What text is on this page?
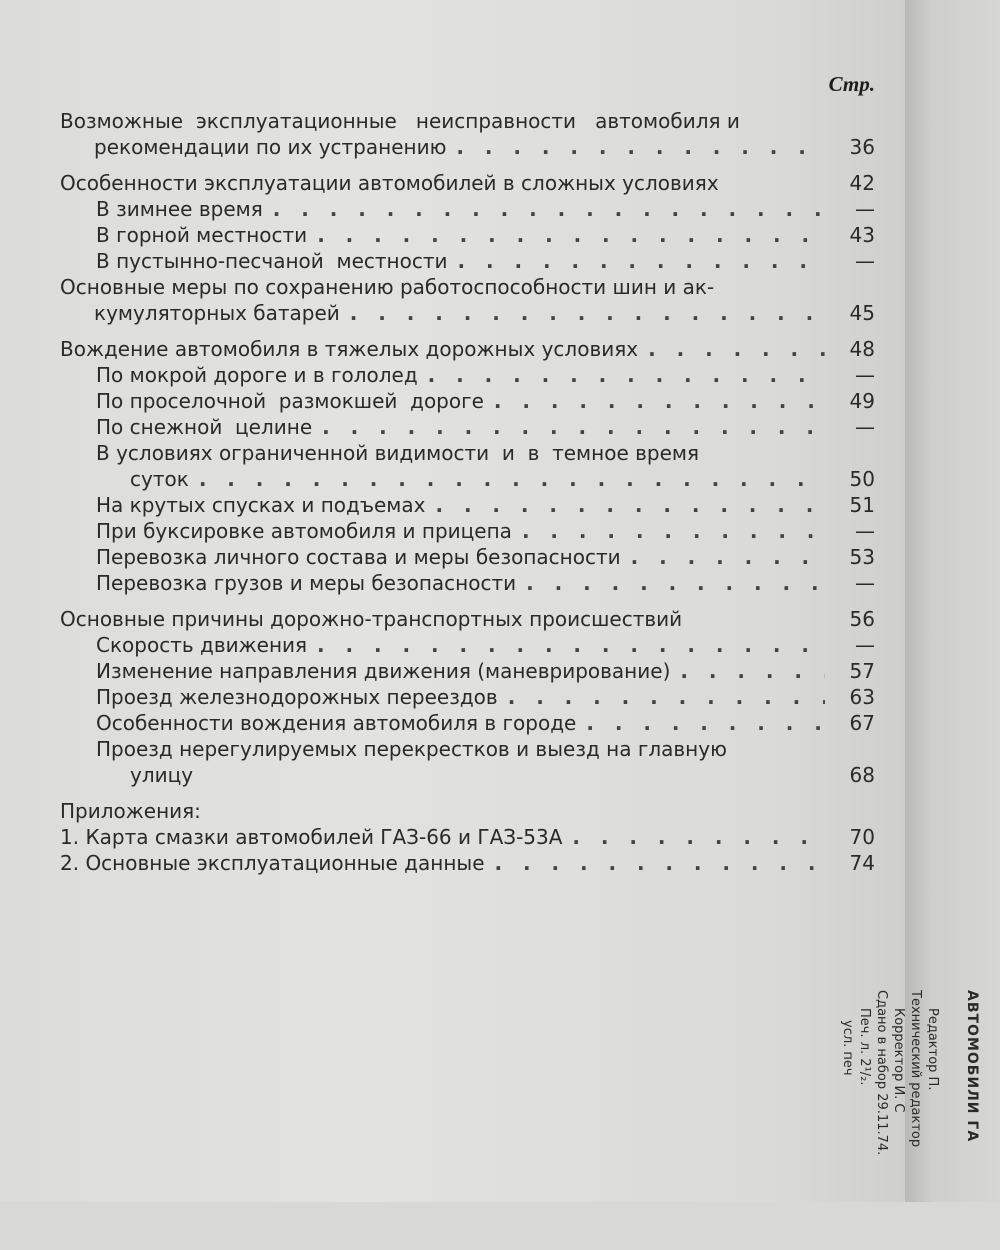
Стр.
Возможные  эксплуатационные   неисправности   автомобиля и
рекомендации по их устранению . .	36
Особенности эксплуатации автомобилей в сложных условиях	42
В зимнее время . .	—
В горной местности . .	43
В пустынно-песчаной  местности . .	—
Основные меры по сохранению работоспособности шин и ак-
кумуляторных батарей . .	45
Вождение автомобиля в тяжелых дорожных условиях . .	48
По мокрой дороге и в гололед . .	—
По проселочной  размокшей  дороге . .	49
По снежной  целине . .	—
В условиях ограниченной видимости  и  в  темное время
суток . .	50
На крутых спусках и подъемах . .	51
При буксировке автомобиля и прицепа . .	—
Перевозка личного состава и меры безопасности . .	53
Перевозка грузов и меры безопасности . .	—
Основные причины дорожно-транспортных происшествий	56
Скорость движения . .	—
Изменение направления движения (маневрирование) . .	57
Проезд железнодорожных переездов . .	63
Особенности вождения автомобиля в городе . .	67
Проезд нерегулируемых перекрестков и выезд на главную
улицу	68
Приложения:
1. Карта смазки автомобилей ГАЗ-66 и ГАЗ-53А . .	70
2. Основные эксплуатационные данные . .	74
АВТОМОБИЛИ ГА
Редактор П.
Технический редактор
Корректор И. С
Сдано в набор 29.11.74.
Печ. л. 2¹/₂.
усл. печ
